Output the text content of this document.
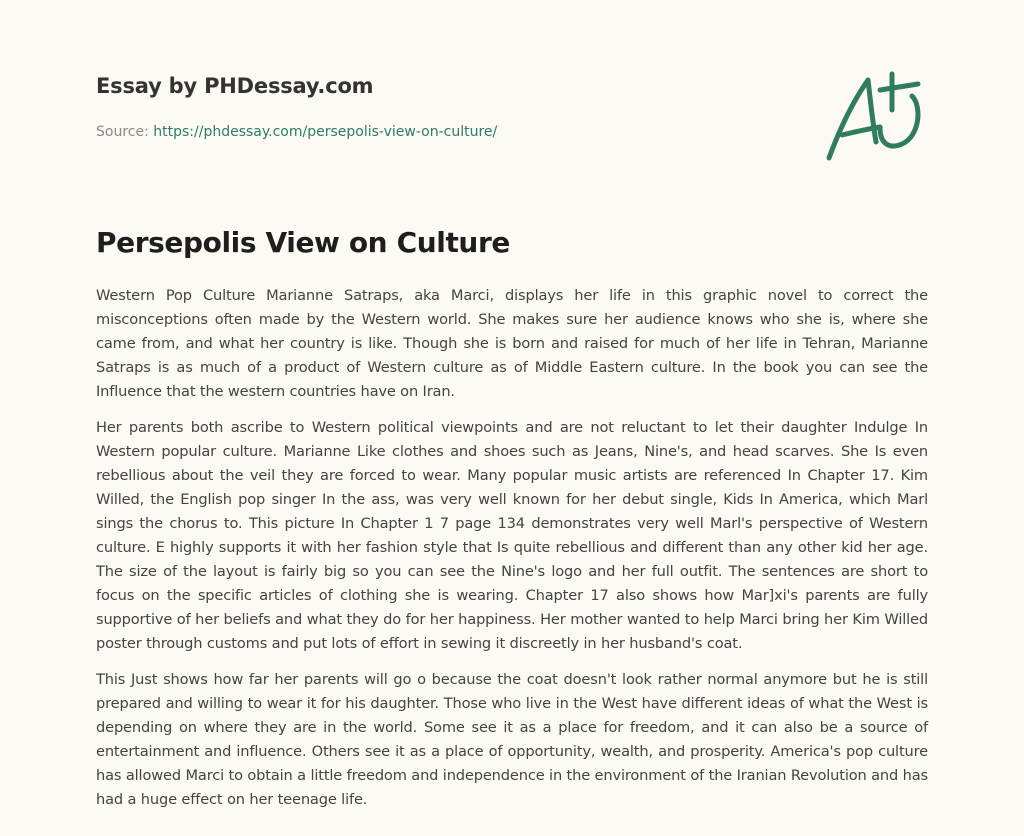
Essay by PHDessay.com
Source: https://phdessay.com/persepolis-view-on-culture/
Persepolis View on Culture

Western Pop Culture Marianne Satraps, aka Marci, displays her life in this graphic novel to correct the misconceptions often made by the Western world. She makes sure her audience knows who she is, where she came from, and what her country is like. Though she is born and raised for much of her life in Tehran, Marianne Satraps is as much of a product of Western culture as of Middle Eastern culture. In the book you can see the Influence that the western countries have on Iran.

Her parents both ascribe to Western political viewpoints and are not reluctant to let their daughter Indulge In Western popular culture. Marianne Like clothes and shoes such as Jeans, Nine's, and head scarves. She Is even rebellious about the veil they are forced to wear. Many popular music artists are referenced In Chapter 17. Kim Willed, the English pop singer In the ass, was very well known for her debut single, Kids In America, which Marl sings the chorus to. This picture In Chapter 1 7 page 134 demonstrates very well Marl's perspective of Western culture. E highly supports it with her fashion style that Is quite rebellious and different than any other kid her age. The size of the layout is fairly big so you can see the Nine's logo and her full outfit. The sentences are short to focus on the specific articles of clothing she is wearing. Chapter 17 also shows how Mar]xi's parents are fully supportive of her beliefs and what they do for her happiness. Her mother wanted to help Marci bring her Kim Willed poster through customs and put lots of effort in sewing it discreetly in her husband's coat.

This Just shows how far her parents will go o because the coat doesn't look rather normal anymore but he is still prepared and willing to wear it for his daughter. Those who live in the West have different ideas of what the West is depending on where they are in the world. Some see it as a place for freedom, and it can also be a source of entertainment and influence. Others see it as a place of opportunity, wealth, and prosperity. America's pop culture has allowed Marci to obtain a little freedom and independence in the environment of the Iranian Revolution and has had a huge effect on her teenage life.
